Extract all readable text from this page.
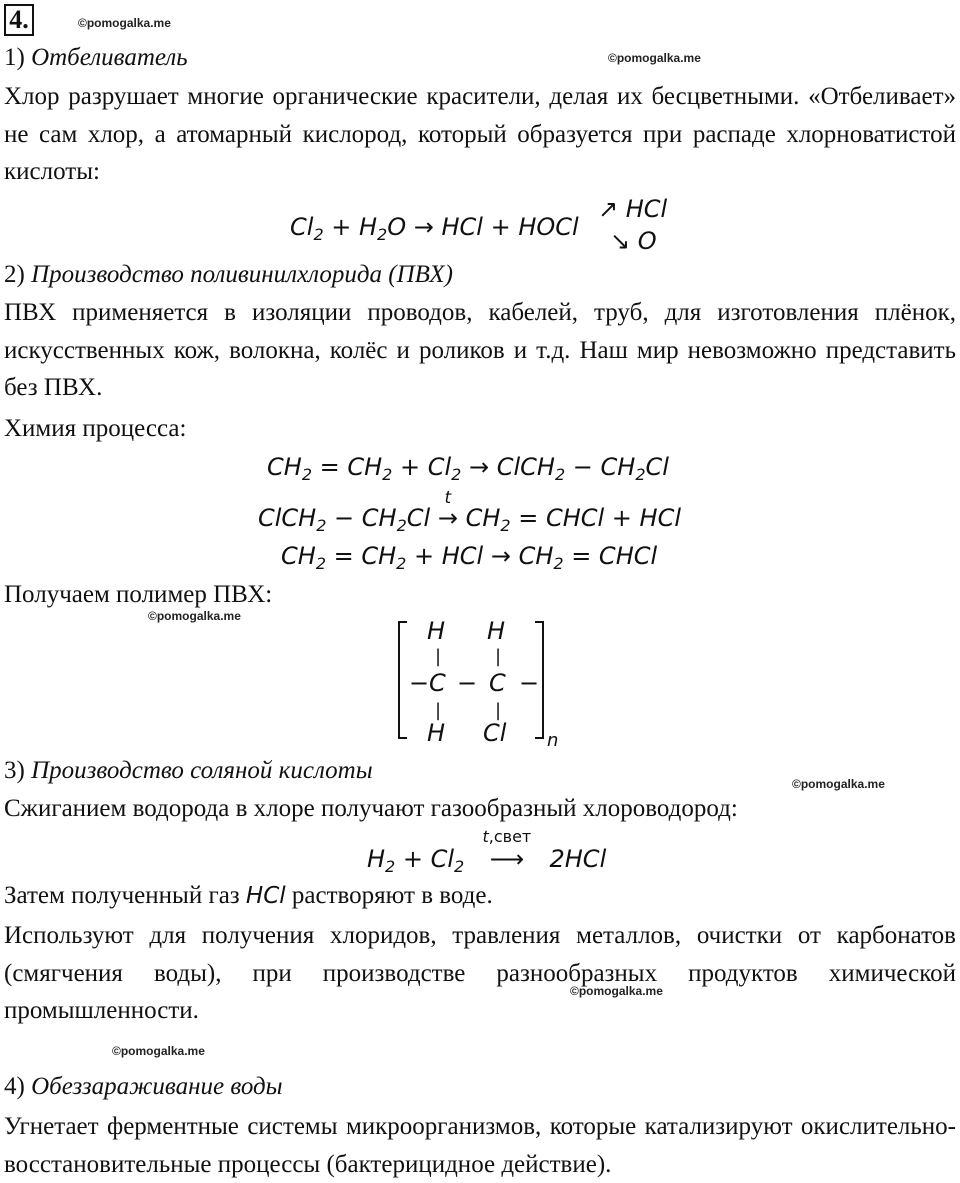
4.	©pomogalka.me
©pomogalka.me
©pomogalka.me
©pomogalka.me
©pomogalka.me
©pomogalka.me
1) Отбеливатель
Хлор разрушает многие органические красители, делая их бесцветными. «Отбеливает» не сам хлор, а атомарный кислород, который образуется при распаде хлорноватистой кислоты:
$Cl_2 + H_2O$ → HCl + HOCl
↗ HCl
↘ O
2) Производство поливинилхлорида (ПВХ)
ПВХ применяется в изоляции проводов, кабелей, труб, для изготовления плёнок, искусственных кож, волокна, колёс и роликов и т.д. Наш мир невозможно представить без ПВХ.
Химия процесса:
$CH_2 = CH_2 + Cl_2$ → ClCH$_2$ − $CH_2Cl$
ClCH$_2$ − $CH_2Cl$ →
t
$CH_2$ = CHCl + HCl
$CH_2 = CH_2$ + HCl → $CH_2$ = CHCl
Получаем полимер ПВХ:
H H
|	|
− C − C −
|	|
H Cl n
3) Производство соляной кислоты
Сжиганием водорода в хлоре получают газообразный хлороводород:
$H_2 + Cl_2$ ⟶
t,свет
2HCl
Затем полученный газ HCl растворяют в воде.
Используют для получения хлоридов, травления металлов, очистки от карбонатов (смягчения воды), при производстве разнообразных продуктов химической промышленности.
4) Обеззараживание воды
Угнетает ферментные системы микроорганизмов, которые катализируют окислительно-восстановительные процессы (бактерицидное действие).
